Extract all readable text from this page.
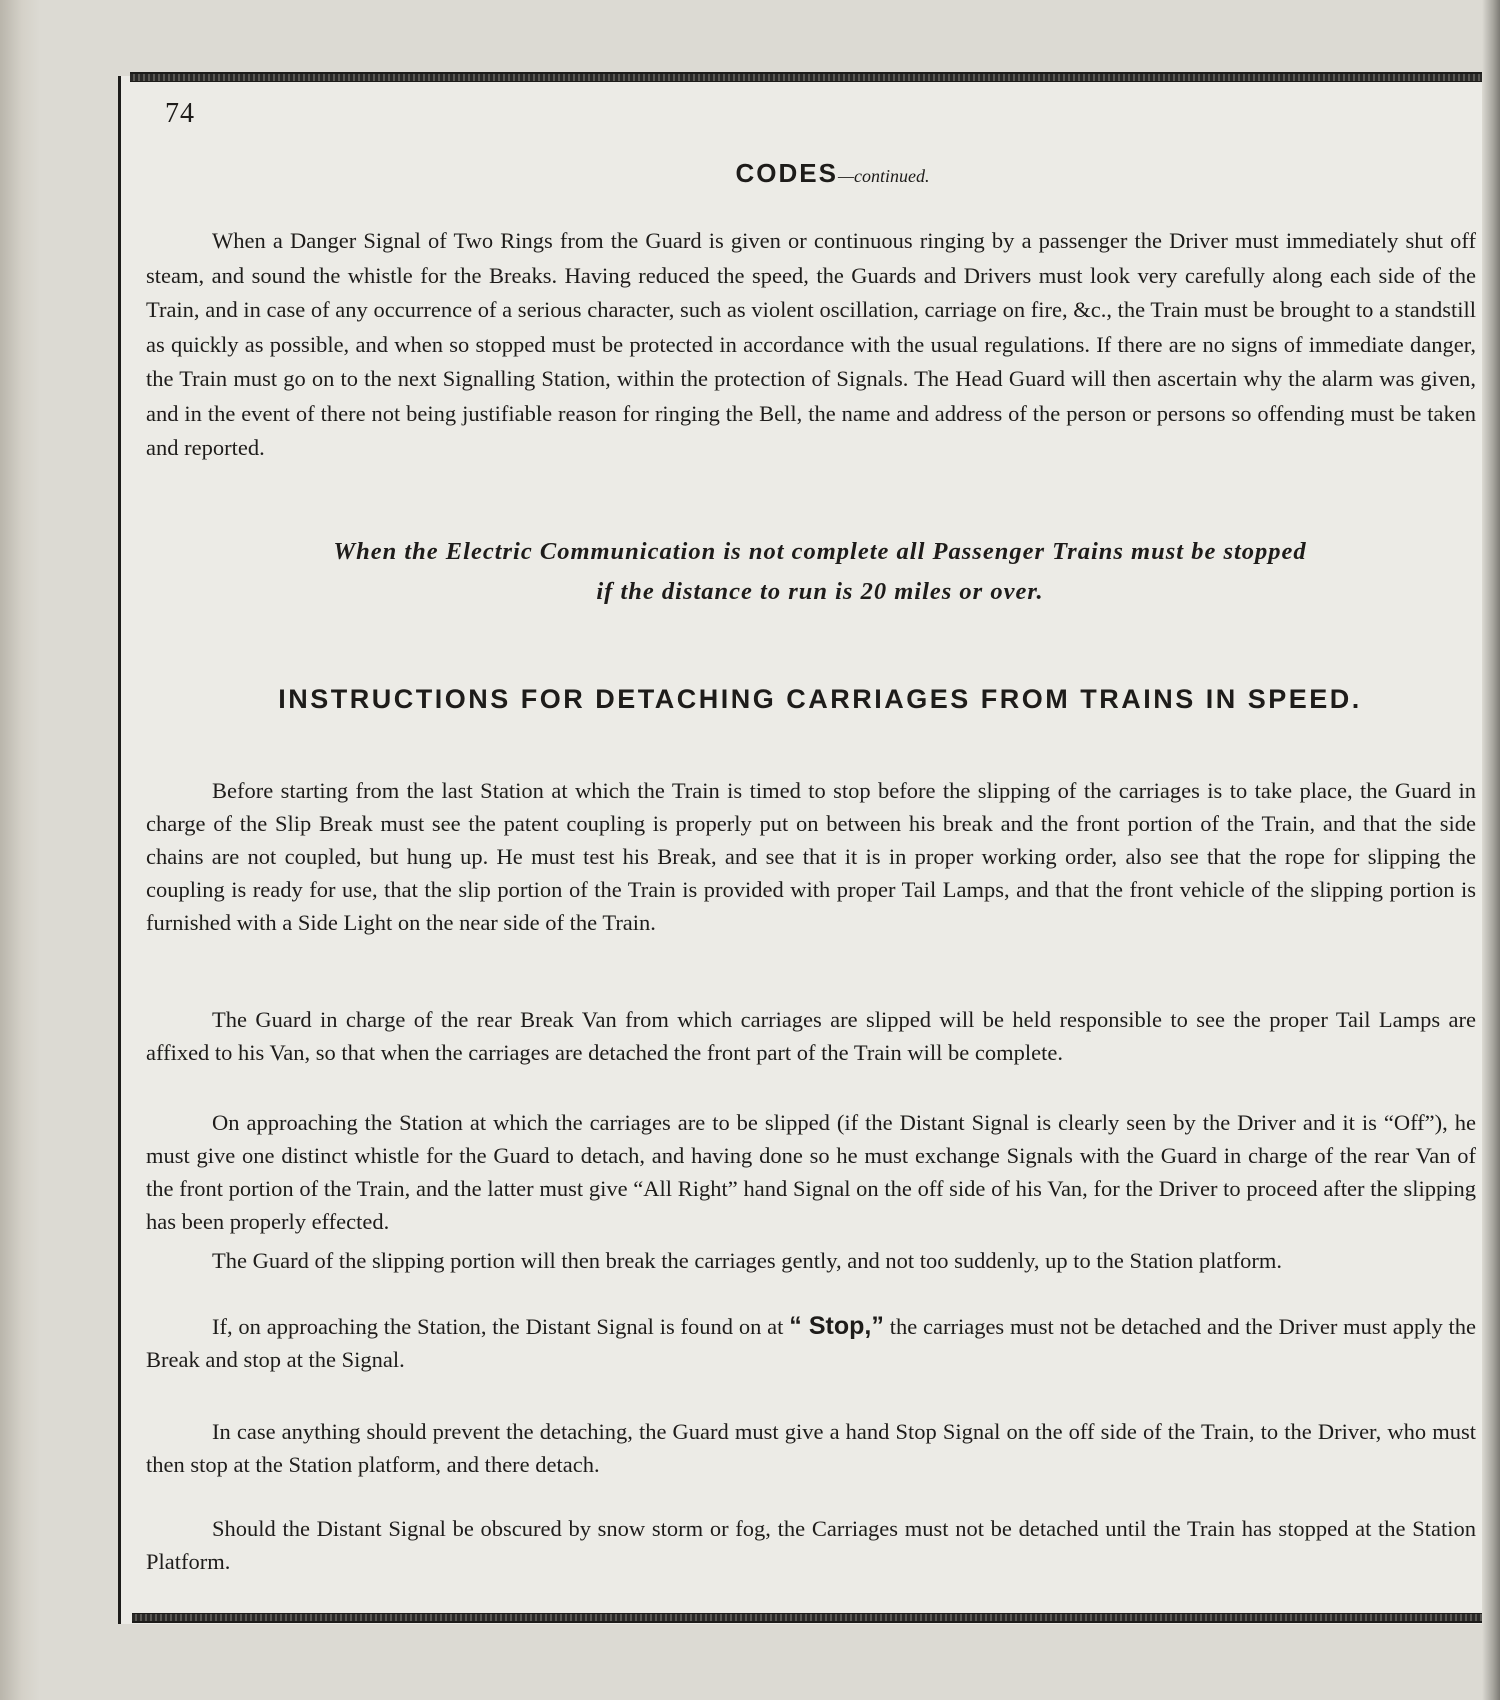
74
CODES—continued.

When a Danger Signal of Two Rings from the Guard is given or continuous ringing by a passenger the Driver must immediately shut off steam, and sound the whistle for the Breaks. Having reduced the speed, the Guards and Drivers must look very carefully along each side of the Train, and in case of any occurrence of a serious character, such as violent oscillation, carriage on fire, &c., the Train must be brought to a standstill as quickly as possible, and when so stopped must be protected in accordance with the usual regulations. If there are no signs of immediate danger, the Train must go on to the next Signalling Station, within the protection of Signals. The Head Guard will then ascertain why the alarm was given, and in the event of there not being justifiable reason for ringing the Bell, the name and address of the person or persons so offending must be taken and reported.

When the Electric Communication is not complete all Passenger Trains must be stopped
if the distance to run is 20 miles or over.
INSTRUCTIONS FOR DETACHING CARRIAGES FROM TRAINS IN SPEED.

Before starting from the last Station at which the Train is timed to stop before the slipping of the carriages is to take place, the Guard in charge of the Slip Break must see the patent coupling is properly put on between his break and the front portion of the Train, and that the side chains are not coupled, but hung up. He must test his Break, and see that it is in proper working order, also see that the rope for slipping the coupling is ready for use, that the slip portion of the Train is provided with proper Tail Lamps, and that the front vehicle of the slipping portion is furnished with a Side Light on the near side of the Train.

The Guard in charge of the rear Break Van from which carriages are slipped will be held responsible to see the proper Tail Lamps are affixed to his Van, so that when the carriages are detached the front part of the Train will be complete.

On approaching the Station at which the carriages are to be slipped (if the Distant Signal is clearly seen by the Driver and it is “Off”), he must give one distinct whistle for the Guard to detach, and having done so he must exchange Signals with the Guard in charge of the rear Van of the front portion of the Train, and the latter must give “All Right” hand Signal on the off side of his Van, for the Driver to proceed after the slipping has been properly effected.

The Guard of the slipping portion will then break the carriages gently, and not too suddenly, up to the Station platform.

If, on approaching the Station, the Distant Signal is found on at “ Stop,” the carriages must not be detached and the Driver must apply the Break and stop at the Signal.

In case anything should prevent the detaching, the Guard must give a hand Stop Signal on the off side of the Train, to the Driver, who must then stop at the Station platform, and there detach.

Should the Distant Signal be obscured by snow storm or fog, the Carriages must not be detached until the Train has stopped at the Station Platform.
